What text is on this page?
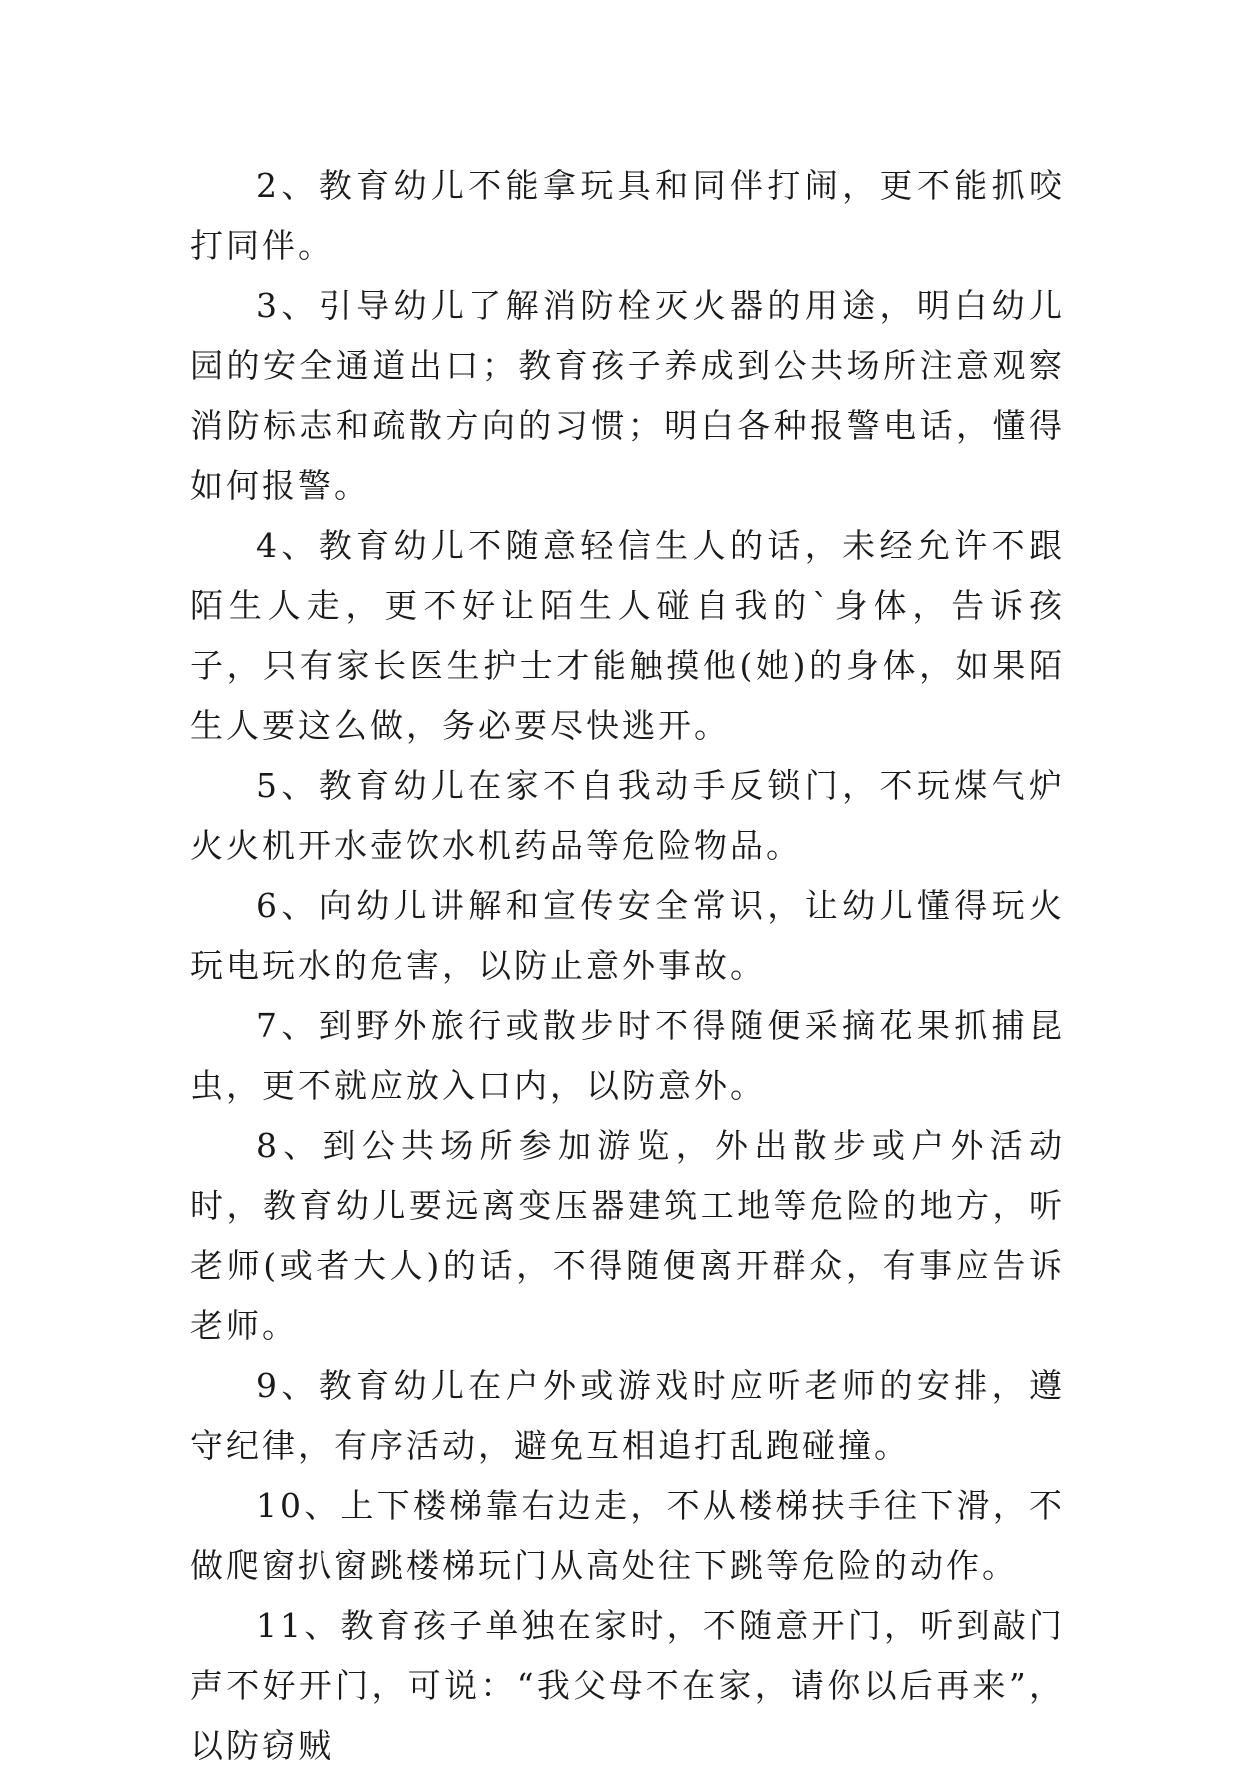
2、教育幼儿不能拿玩具和同伴打闹，更不能抓咬打同伴。

3、引导幼儿了解消防栓灭火器的用途，明白幼儿园的安全通道出口；教育孩子养成到公共场所注意观察消防标志和疏散方向的习惯；明白各种报警电话，懂得如何报警。

4、教育幼儿不随意轻信生人的话，未经允许不跟陌生人走，更不好让陌生人碰自我的`身体，告诉孩子，只有家长医生护士才能触摸他(她)的身体，如果陌生人要这么做，务必要尽快逃开。

5、教育幼儿在家不自我动手反锁门，不玩煤气炉火火机开水壶饮水机药品等危险物品。

6、向幼儿讲解和宣传安全常识，让幼儿懂得玩火玩电玩水的危害，以防止意外事故。

7、到野外旅行或散步时不得随便采摘花果抓捕昆虫，更不就应放入口内，以防意外。

8、到公共场所参加游览，外出散步或户外活动时，教育幼儿要远离变压器建筑工地等危险的地方，听老师(或者大人)的话，不得随便离开群众，有事应告诉老师。

9、教育幼儿在户外或游戏时应听老师的安排，遵守纪律，有序活动，避免互相追打乱跑碰撞。

10、上下楼梯靠右边走，不从楼梯扶手往下滑，不做爬窗扒窗跳楼梯玩门从高处往下跳等危险的动作。

11、教育孩子单独在家时，不随意开门，听到敲门声不好开门，可说：“我父母不在家，请你以后再来”，以防窃贼
